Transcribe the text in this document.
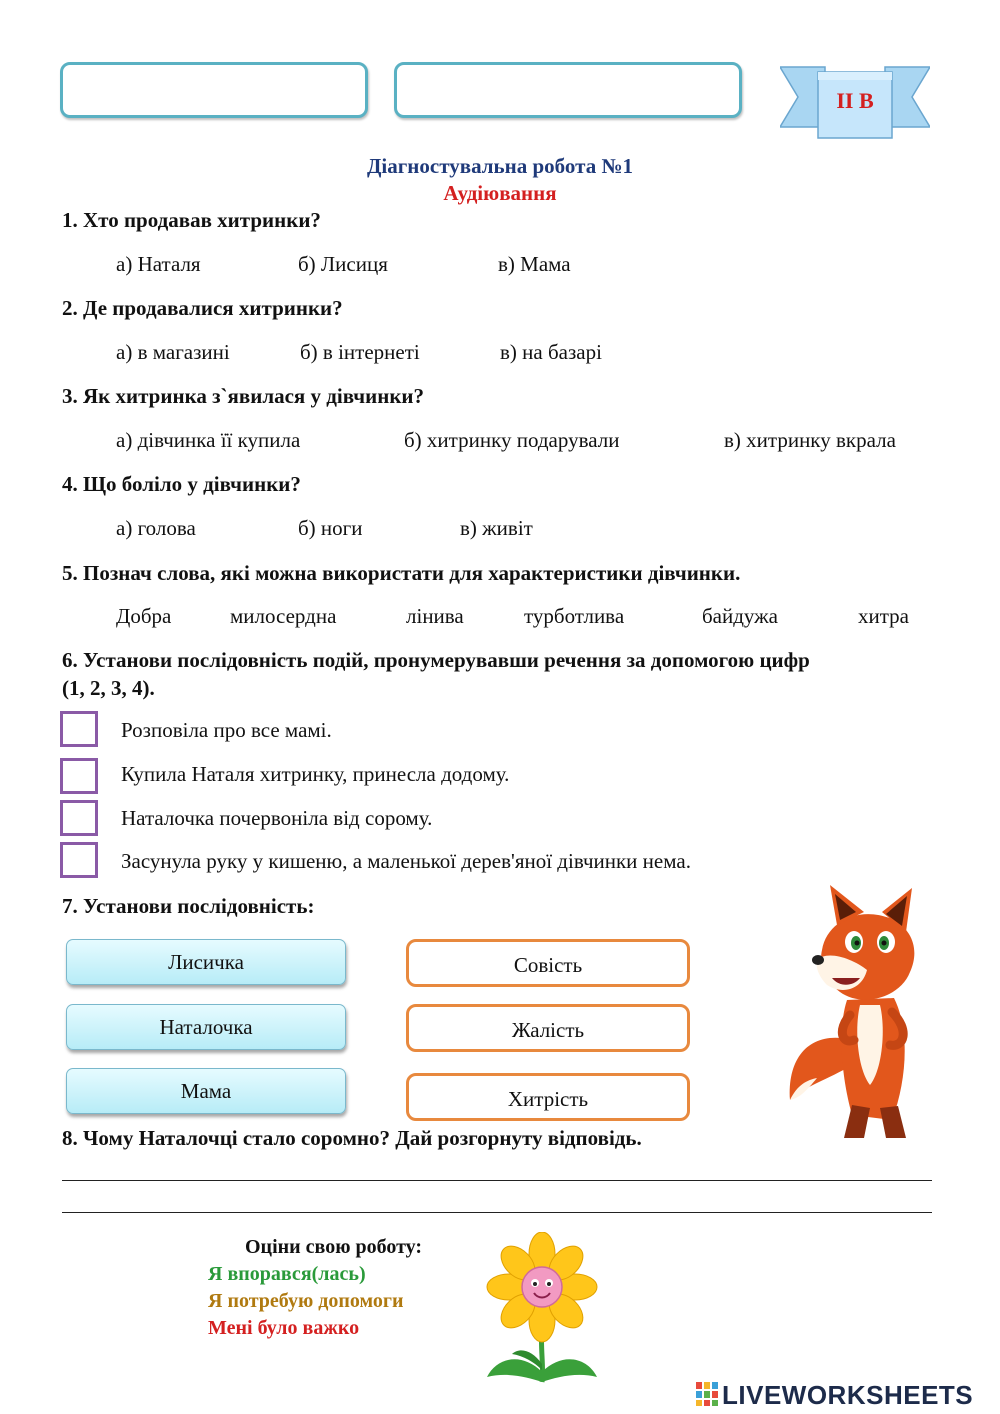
ІІ В
Діагностувальна робота №1
Аудіювання
1. Хто продавав хитринки?
а) Наталя	б) Лисиця	в) Мама
2. Де продавалися хитринки?
а) в магазині	б) в інтернеті	в) на базарі
3. Як хитринка з`явилася у дівчинки?
а) дівчинка її купила	б) хитринку подарували	в) хитринку вкрала
4. Що боліло у дівчинки?
а) голова	б) ноги	в) живіт
5. Познач слова, які можна використати для характеристики дівчинки.
Добра	милосердна	лінива	турботлива	байдужа	хитра
6. Установи послідовність подій, пронумерувавши речення за допомогою цифр
(1, 2, 3, 4).
Розповіла про все мамі.
Купила Наталя хитринку, принесла додому.
Наталочка почервоніла від сорому.
Засунула руку у кишеню, а маленької дерев'яної дівчинки нема.
7. Установи послідовність:
Лисичка
Наталочка
Мама
Совість
Жалість
Хитрість
8. Чому Наталочці стало соромно? Дай розгорнуту відповідь.
Оціни свою роботу:
Я впорався(лась)
Я потребую допомоги
Мені було важко
LIVEWORKSHEETS
